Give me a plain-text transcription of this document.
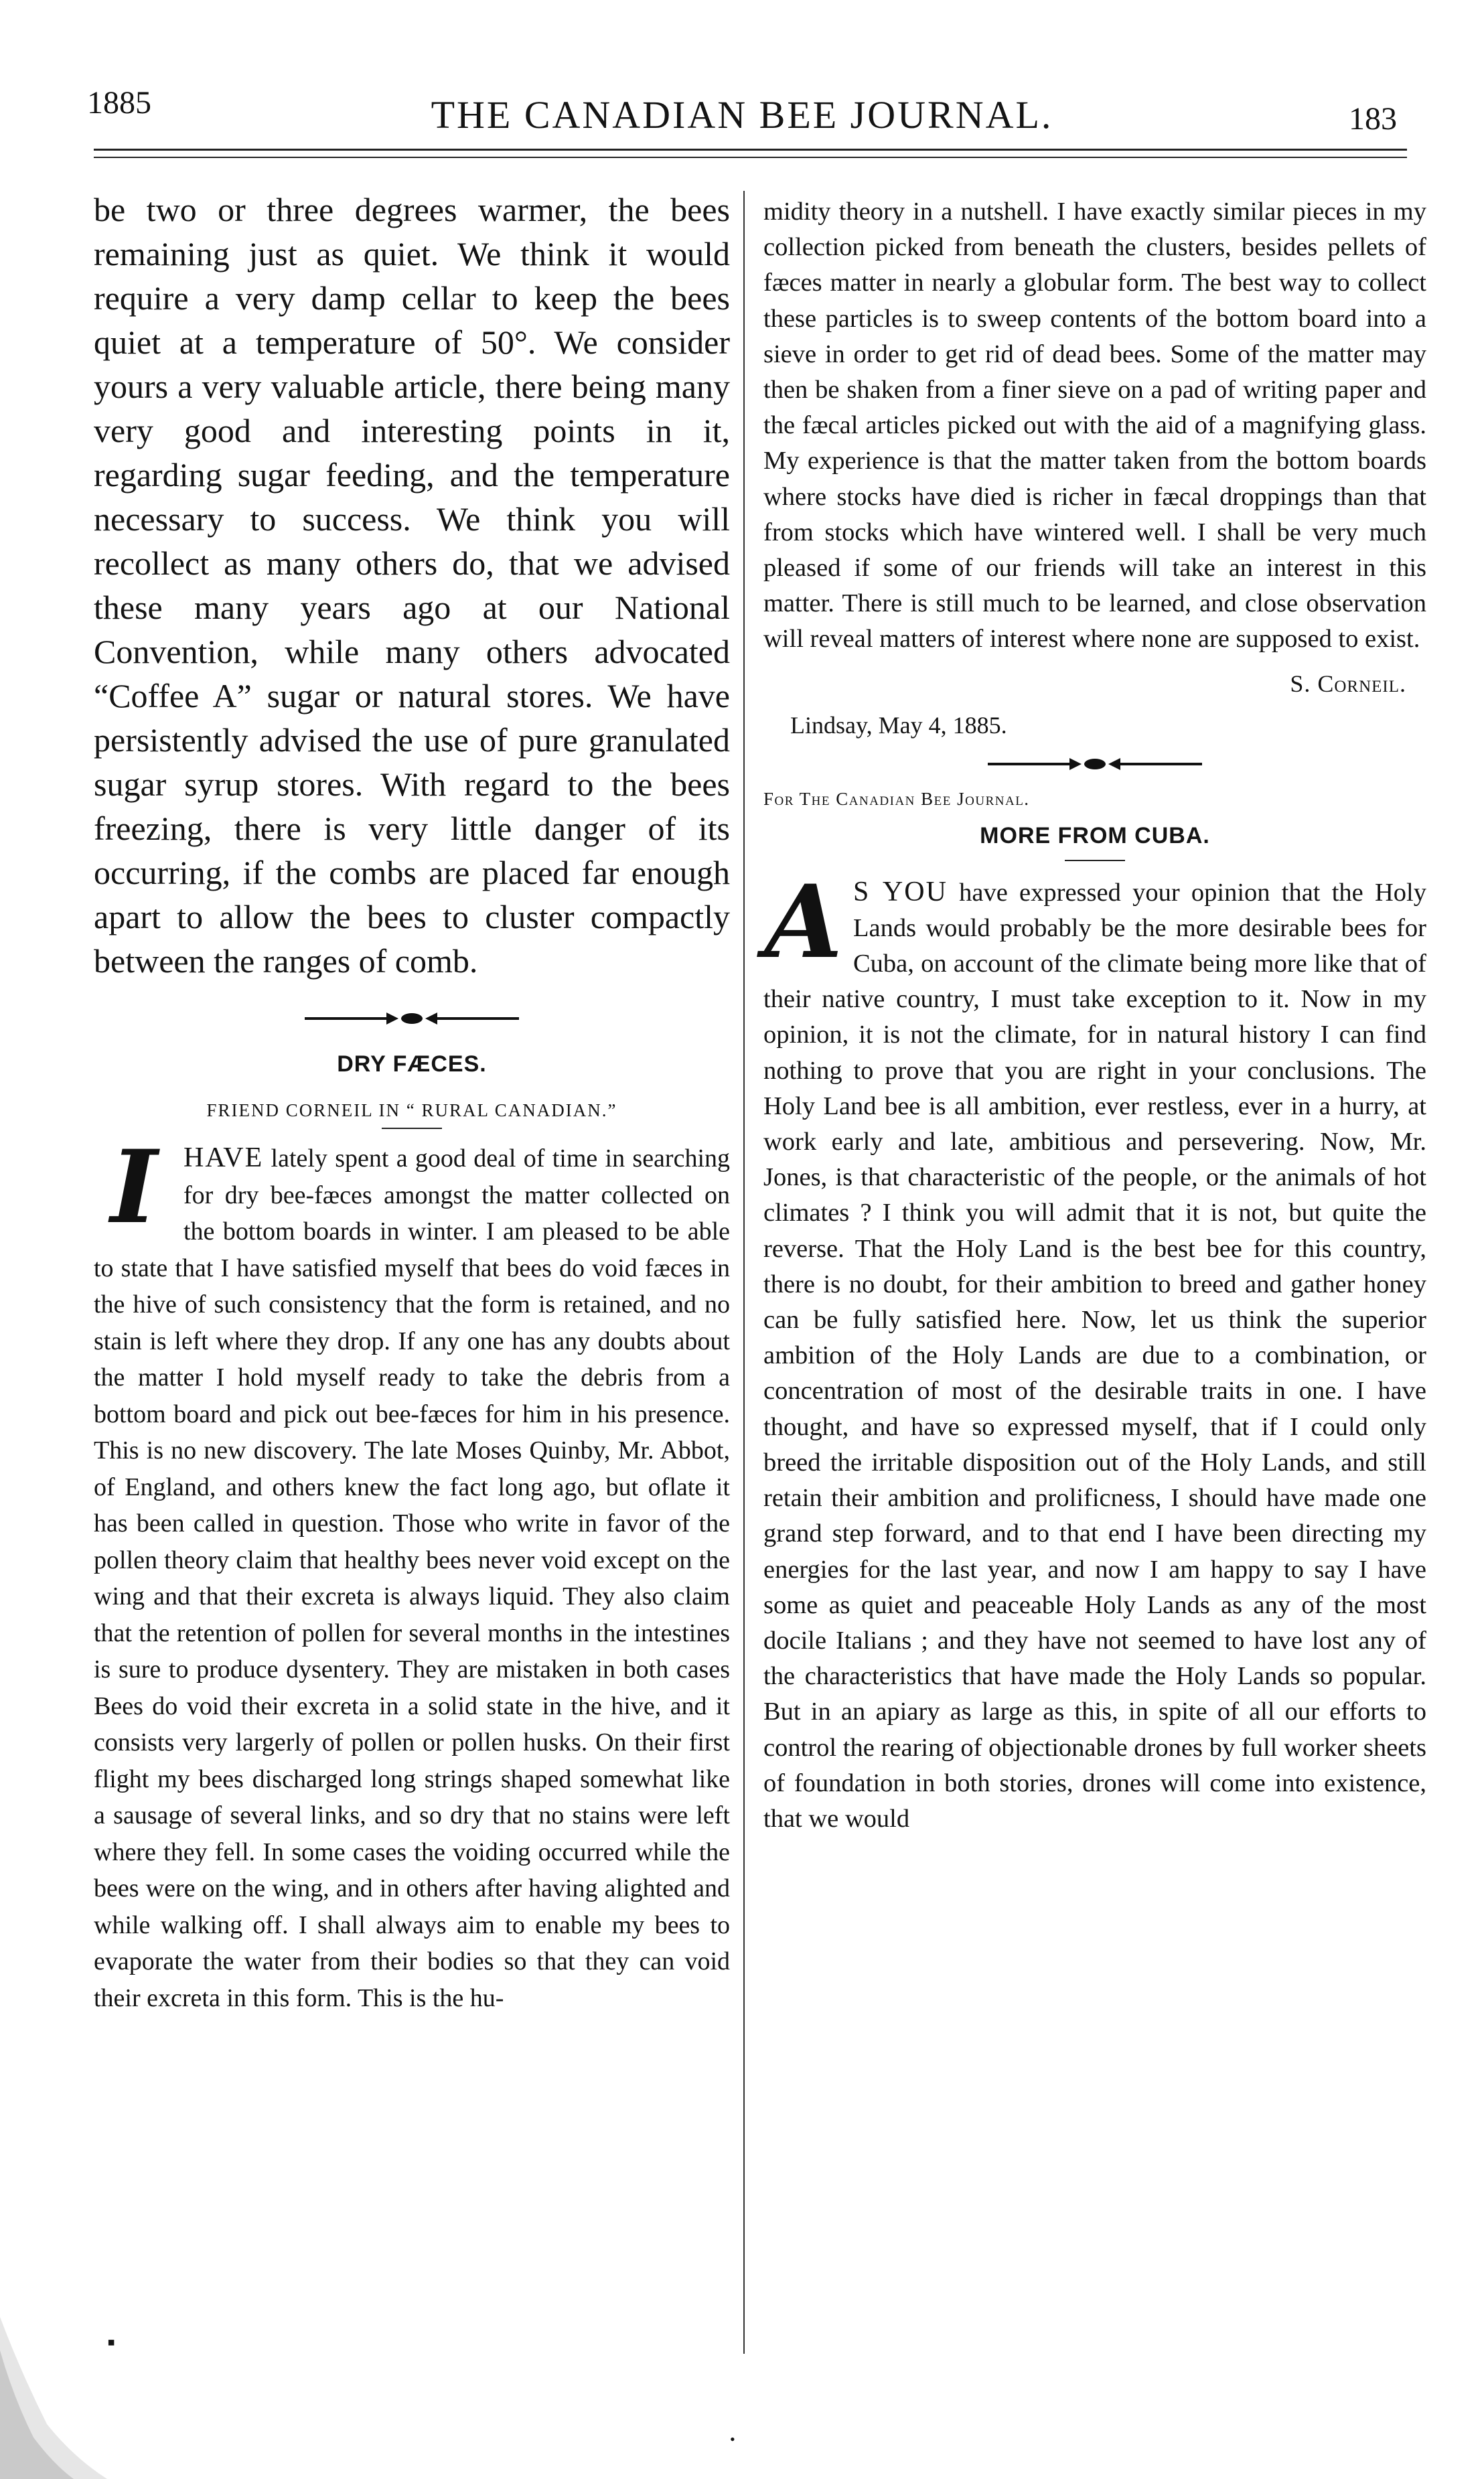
1885	THE CANADIAN BEE JOURNAL.	183

be two or three degrees warmer, the bees remaining just as quiet. We think it would require a very damp cellar to keep the bees quiet at a temperature of 50°. We consider yours a very valuable article, there being many very good and interesting points in it, regarding sugar feeding, and the temperature necessary to success. We think you will recollect as many others do, that we advised these many years ago at our National Convention, while many others advocated “Coffee A” sugar or natural stores. We have persistently advised the use of pure granulated sugar syrup stores. With regard to the bees freezing, there is very little danger of its occurring, if the combs are placed far enough apart to allow the bees to cluster compactly between the ranges of comb.

DRY FÆCES.

FRIEND CORNEIL IN “ RURAL CANADIAN.”

I HAVE lately spent a good deal of time in searching for dry bee-fæces amongst the matter collected on the bottom boards in winter. I am pleased to be able to state that I have satisfied myself that bees do void fæces in the hive of such consistency that the form is retained, and no stain is left where they drop. If any one has any doubts about the matter I hold myself ready to take the debris from a bottom board and pick out bee-fæces for him in his presence. This is no new discovery. The late Moses Quinby, Mr. Abbot, of England, and others knew the fact long ago, but oflate it has been called in question. Those who write in favor of the pollen theory claim that healthy bees never void except on the wing and that their excreta is always liquid. They also claim that the retention of pollen for several months in the intestines is sure to produce dysentery. They are mistaken in both cases Bees do void their excreta in a solid state in the hive, and it consists very largerly of pollen or pollen husks. On their first flight my bees discharged long strings shaped somewhat like a sausage of several links, and so dry that no stains were left where they fell. In some cases the voiding occurred while the bees were on the wing, and in others after having alighted and while walking off. I shall always aim to enable my bees to evaporate the water from their bodies so that they can void their excreta in this form. This is the hu-

midity theory in a nutshell. I have exactly similar pieces in my collection picked from beneath the clusters, besides pellets of fæces matter in nearly a globular form. The best way to collect these particles is to sweep contents of the bottom board into a sieve in order to get rid of dead bees. Some of the matter may then be shaken from a finer sieve on a pad of writing paper and the fæcal articles picked out with the aid of a magnifying glass. My experience is that the matter taken from the bottom boards where stocks have died is richer in fæcal droppings than that from stocks which have wintered well. I shall be very much pleased if some of our friends will take an interest in this matter. There is still much to be learned, and close observation will reveal matters of interest where none are supposed to exist.

S. Corneil.

Lindsay, May 4, 1885.

For The Canadian Bee Journal.

MORE FROM CUBA.

A S YOU have expressed your opinion that the Holy Lands would probably be the more desirable bees for Cuba, on account of the climate being more like that of their native country, I must take exception to it. Now in my opinion, it is not the climate, for in natural history I can find nothing to prove that you are right in your conclusions. The Holy Land bee is all ambition, ever restless, ever in a hurry, at work early and late, ambitious and persevering. Now, Mr. Jones, is that characteristic of the people, or the animals of hot climates ? I think you will admit that it is not, but quite the reverse. That the Holy Land is the best bee for this country, there is no doubt, for their ambition to breed and gather honey can be fully satisfied here. Now, let us think the superior ambition of the Holy Lands are due to a combination, or concentration of most of the desirable traits in one. I have thought, and have so expressed myself, that if I could only breed the irritable disposition out of the Holy Lands, and still retain their ambition and prolificness, I should have made one grand step forward, and to that end I have been directing my energies for the last year, and now I am happy to say I have some as quiet and peaceable Holy Lands as any of the most docile Italians ; and they have not seemed to have lost any of the characteristics that have made the Holy Lands so popular. But in an apiary as large as this, in spite of all our efforts to control the rearing of objectionable drones by full worker sheets of foundation in both stories, drones will come into existence, that we would

▪
•
